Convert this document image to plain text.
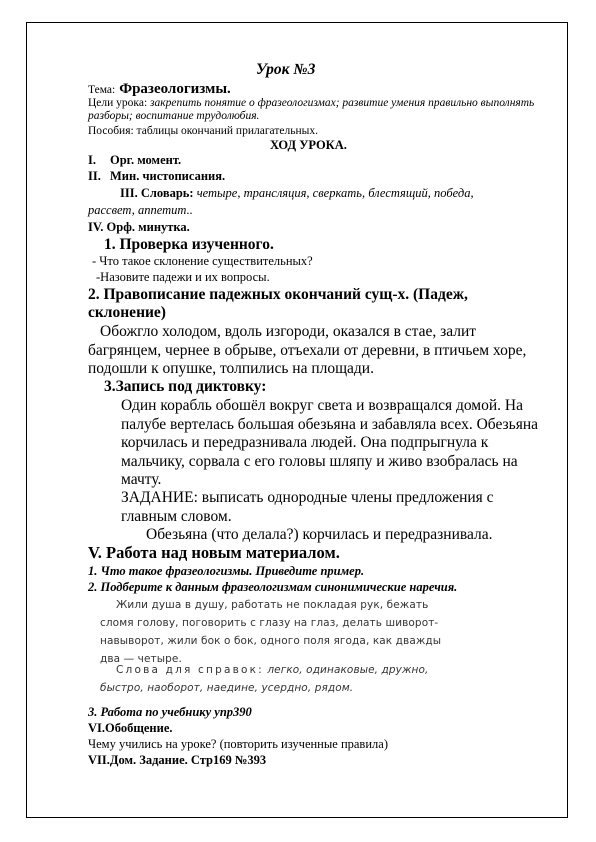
Урок №3
Тема: Фразеологизмы.
Цели урока: закрепить понятие о фразеологизмах; развитие умения правильно выполнять
разборы; воспитание трудолюбия.
Пособия: таблицы окончаний прилагательных.
ХОД УРОКА.
I. Орг. момент.
II. Мин. чистописания.
III. Словарь: четыре, трансляция, сверкать, блестящий, победа,
рассвет, аппетит..
IV. Орф. минутка.
1. Проверка изученного.
- Что такое склонение существительных?
-Назовите падежи и их вопросы.
2. Правописание падежных окончаний сущ-х. (Падеж,
склонение)
Обожгло холодом, вдоль изгороди, оказался в стае, залит
багрянцем, чернее в обрыве, отъехали от деревни, в птичьем хоре,
подошли к опушке, толпились на площади.
3.Запись под диктовку:
Один корабль обошёл вокруг света и возвращался домой. На
палубе вертелась большая обезьяна и забавляла всех. Обезьяна
корчилась и передразнивала людей. Она подпрыгнула к
мальчику, сорвала с его головы шляпу и живо взобралась на
мачту.
ЗАДАНИЕ: выписать однородные члены предложения с
главным словом.
Обезьяна (что делала?) корчилась и передразнивала.
V. Работа над новым материалом.
1. Что такое фразеологизмы. Приведите пример.
2. Подберите к данным фразеологизмам синонимические наречия.
Жили душа в душу, работать не покладая рук, бежать
сломя голову, поговорить с глазу на глаз, делать шиворот-
навыворот, жили бок о бок, одного поля ягода, как дважды
два — четыре.
Слова для справок: легко, одинаковые, дружно,
быстро, наоборот, наедине, усердно, рядом.
3. Работа по учебнику упр390
VI.Обобщение.
Чему учились на уроке? (повторить изученные правила)
VII.Дом. Задание. Стр169 №393
